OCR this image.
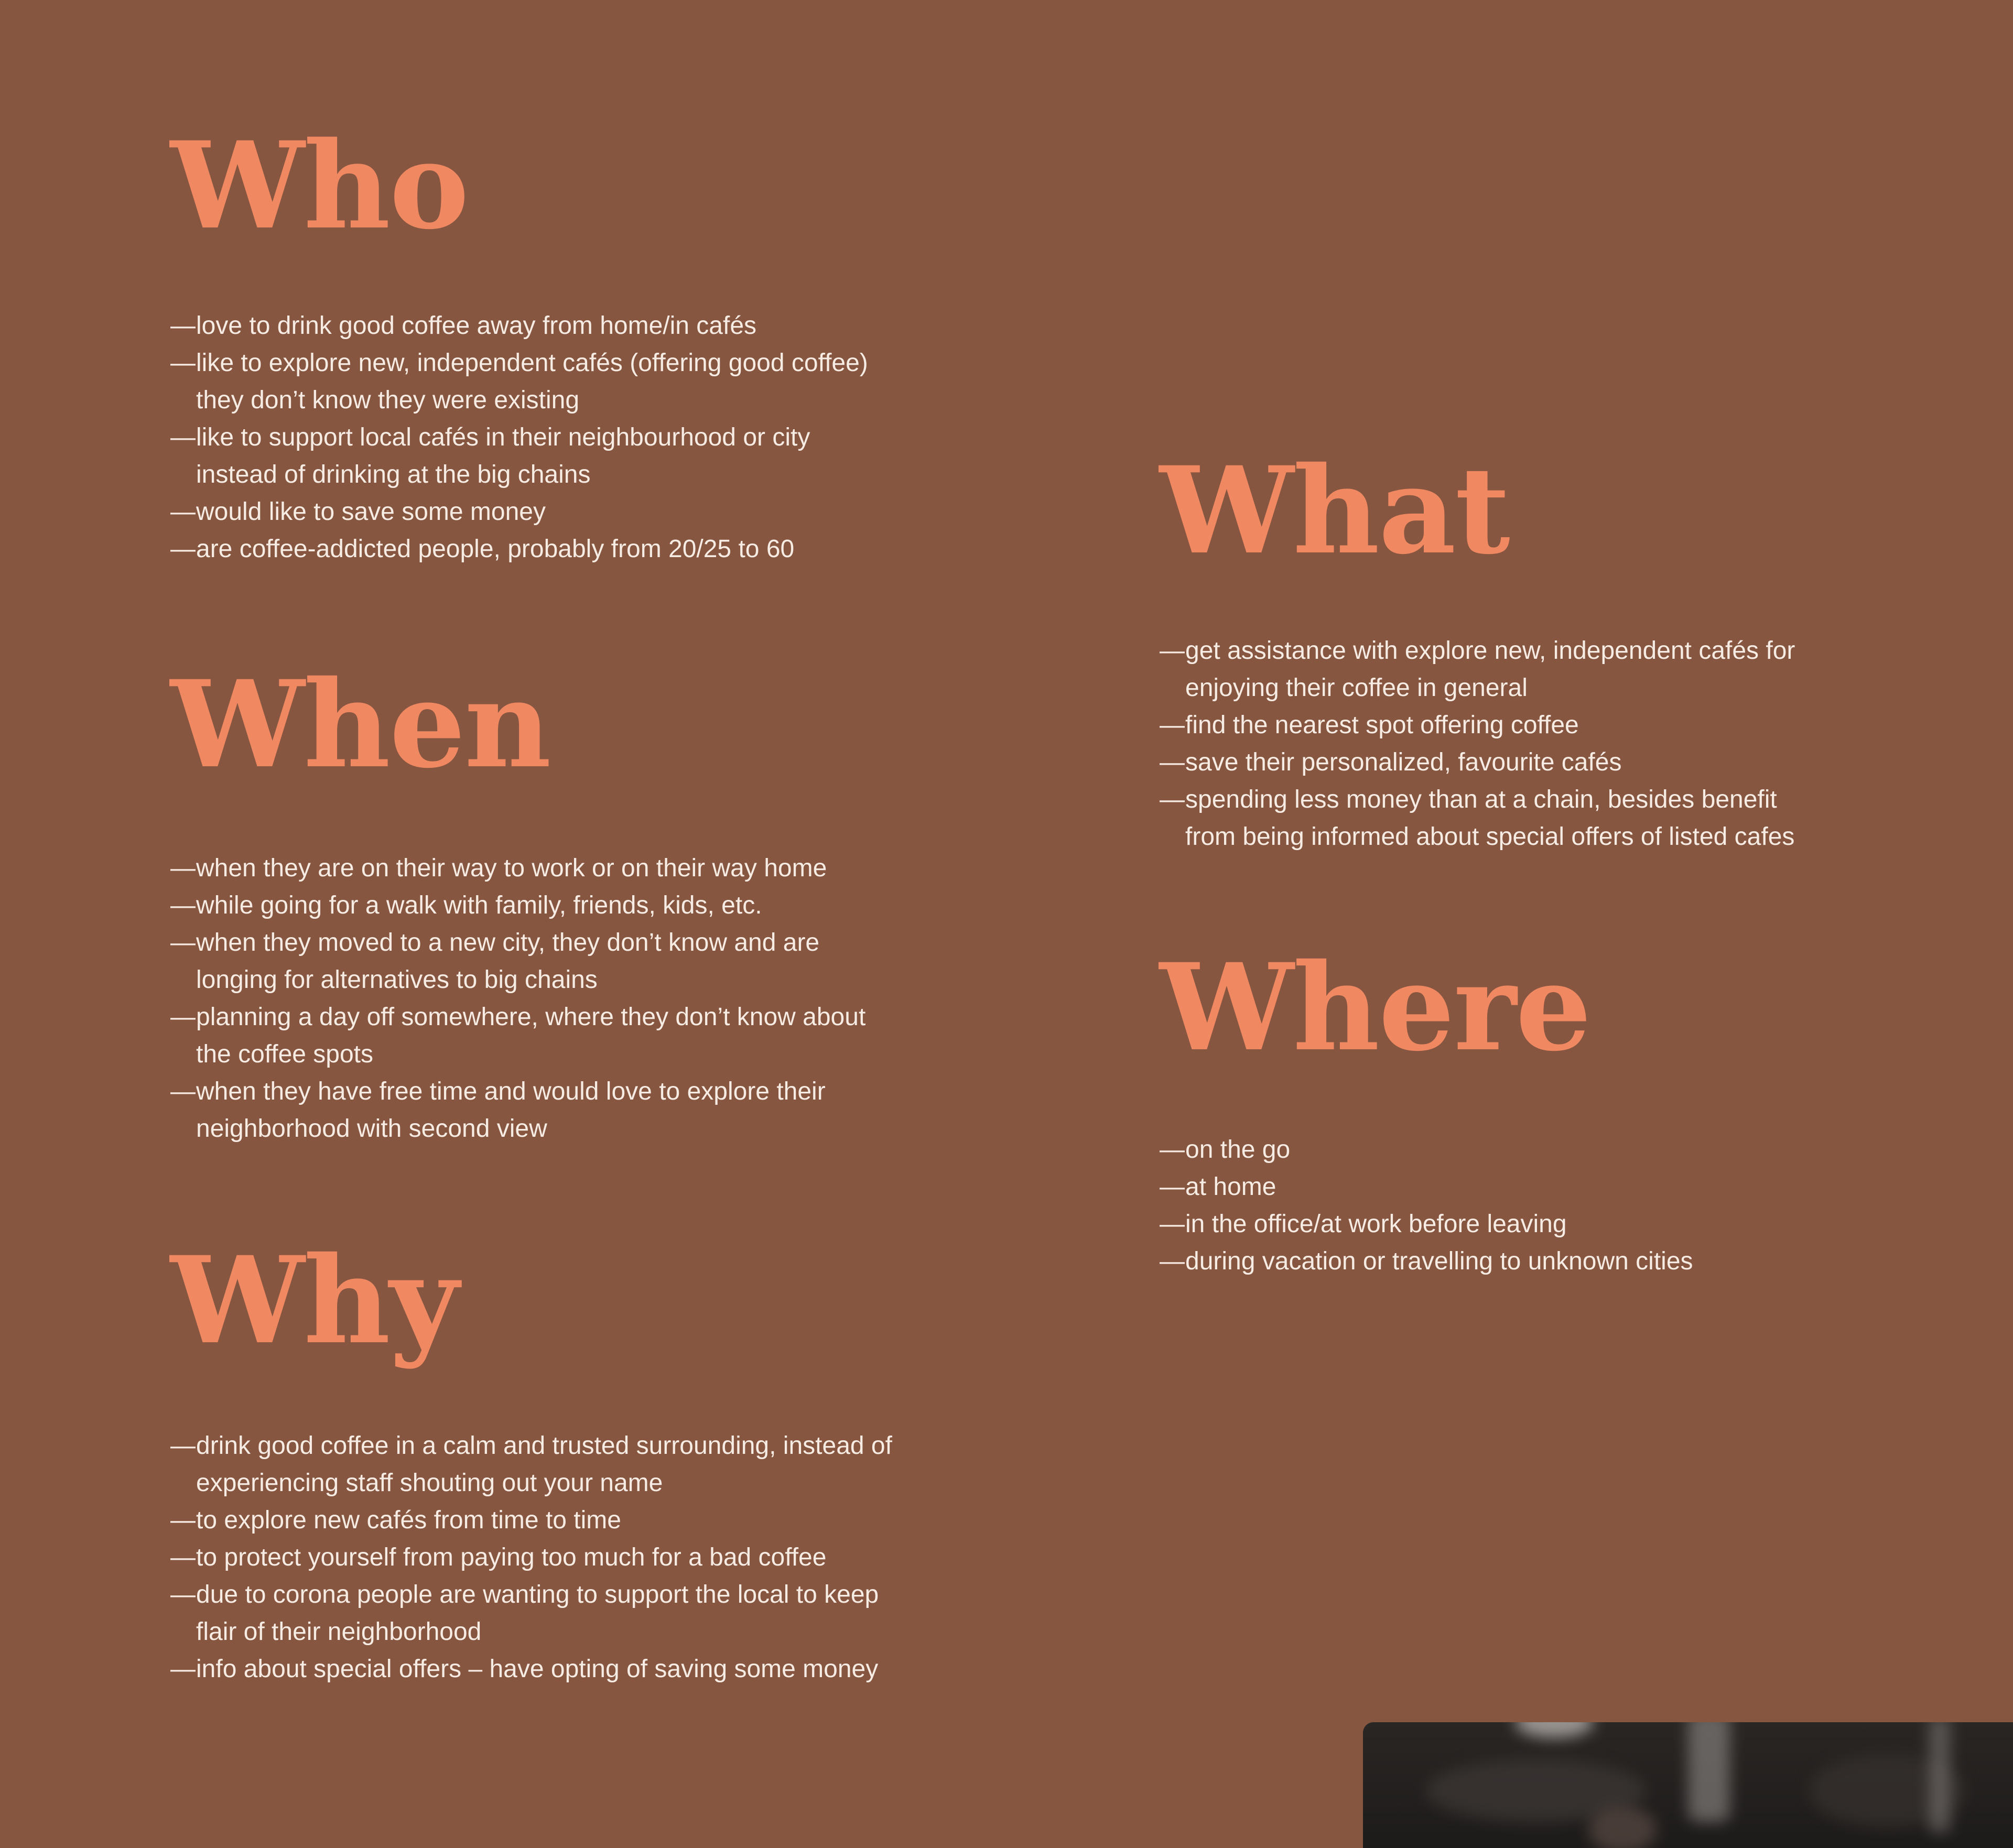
Who
— love to drink good coffee away from home/in cafés
— like to explore new, independent cafés (offering good coffee)
they don’t know they were existing
— like to support local cafés in their neighbourhood or city
instead of drinking at the big chains
— would like to save some money
— are coffee-addicted people, probably from 20/25 to 60
When
— when they are on their way to work or on their way home
— while going for a walk with family, friends, kids, etc.
— when they moved to a new city, they don’t know and are
longing for alternatives to big chains
— planning a day off somewhere, where they don’t know about
the coffee spots
— when they have free time and would love to explore their
neighborhood with second view
Why
— drink good coffee in a calm and trusted surrounding, instead of
experiencing staff shouting out your name
— to explore new cafés from time to time
— to protect yourself from paying too much for a bad coffee
— due to corona people are wanting to support the local to keep
flair of their neighborhood
— info about special offers – have opting of saving some money
What
— get assistance with explore new, independent cafés for
enjoying their coffee in general
— find the nearest spot offering coffee
— save their personalized, favourite cafés
— spending less money than at a chain, besides benefit
from being informed about special offers of listed cafes
Where
— on the go
— at home
— in the office/at work before leaving
— during vacation or travelling to unknown cities
